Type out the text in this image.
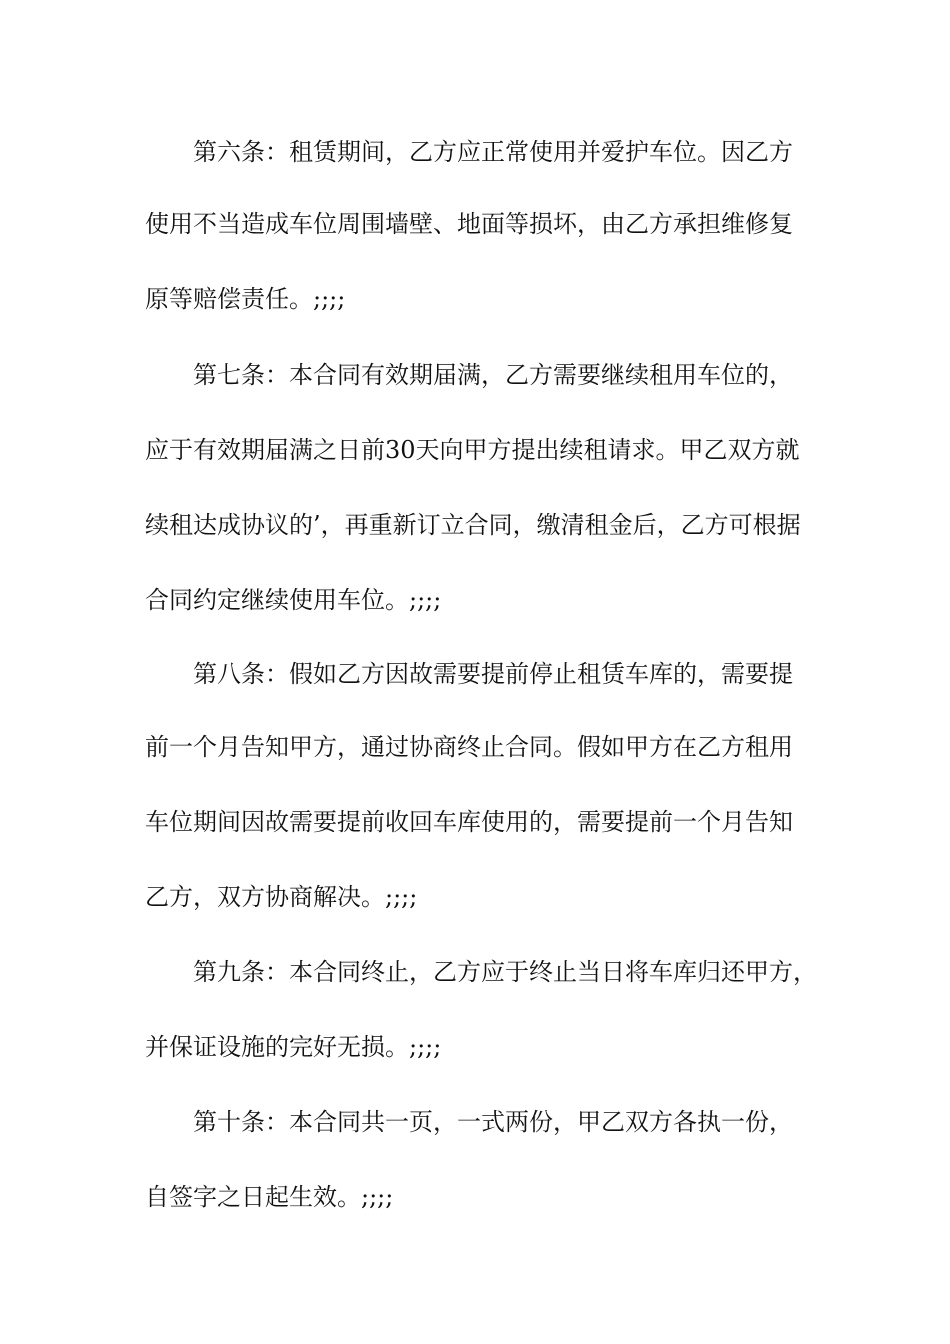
第六条：租赁期间，乙方应正常使用并爱护车位。因乙方
使用不当造成车位周围墙壁、地面等损坏，由乙方承担维修复
原等赔偿责任。;;;;
第七条：本合同有效期届满，乙方需要继续租用车位的，
应于有效期届满之日前30天向甲方提出续租请求。甲乙双方就
续租达成协议的’，再重新订立合同，缴清租金后，乙方可根据
合同约定继续使用车位。;;;;
第八条：假如乙方因故需要提前停止租赁车库的，需要提
前一个月告知甲方，通过协商终止合同。假如甲方在乙方租用
车位期间因故需要提前收回车库使用的，需要提前一个月告知
乙方，双方协商解决。;;;;
第九条：本合同终止，乙方应于终止当日将车库归还甲方，
并保证设施的完好无损。;;;;
第十条：本合同共一页，一式两份，甲乙双方各执一份，
自签字之日起生效。;;;;
